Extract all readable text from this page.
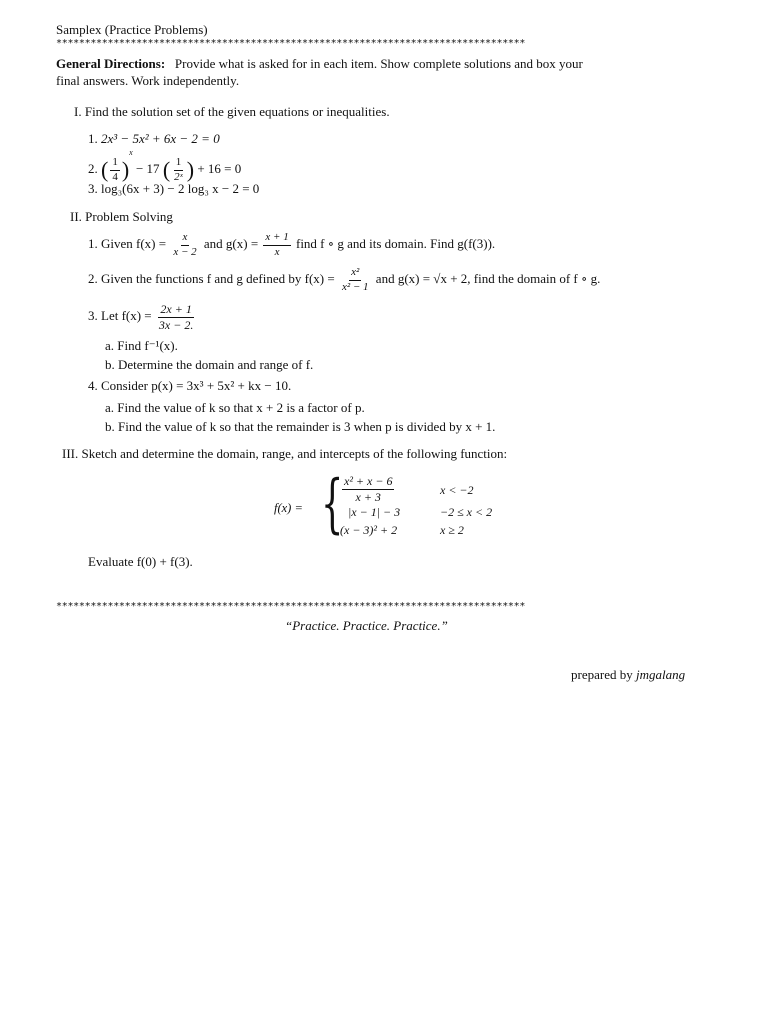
Samplex (Practice Problems)
**********************************************************************************
General Directions: Provide what is asked for in each item. Show complete solutions and box your
final answers. Work independently.
I. Find the solution set of the given equations or inequalities.
1. 2x³ − 5x² + 6x − 2 = 0
2. ( $\frac{1}{4} )^x - 17$ ( $\frac{1}{\text{2ˣ}}$ ) + 16 = 0
3. log₃(6x + 3) − 2 log₃ x − 2 = 0
II. Problem Solving
1. Given $f(x) = \frac{x}{x - 2}$ and $g(x) = \frac{x + 1}{x}$ find f ∘ g and its domain. Find g(f(3)).
2. Given the functions f and g defined by $f(x) = \frac{\text{x²}}{\text{x² − 1}}$ and g(x) = √x + 2, find the domain of f ∘ g.
3. Let $f(x) = \frac{2x + 1}{3x - 2.}$
a. Find f⁻¹(x).
b. Determine the domain and range of f.
4. Consider p(x) = 3x³ + 5x² + kx − 10.
a. Find the value of k so that x + 2 is a factor of p.
b. Find the value of k so that the remainder is 3 when p is divided by x + 1.
III. Sketch and determine the domain, range, and intercepts of the following function:
f(x) = {
$\frac{\text{x² + x − 6}}{x + 3}$	x < −2
|x − 1| − 3	−2 ≤ x < 2
(x − 3)² + 2	x ≥ 2
Evaluate f(0) + f(3).
**********************************************************************************
“Practice. Practice. Practice.”
prepared by jmgalang
